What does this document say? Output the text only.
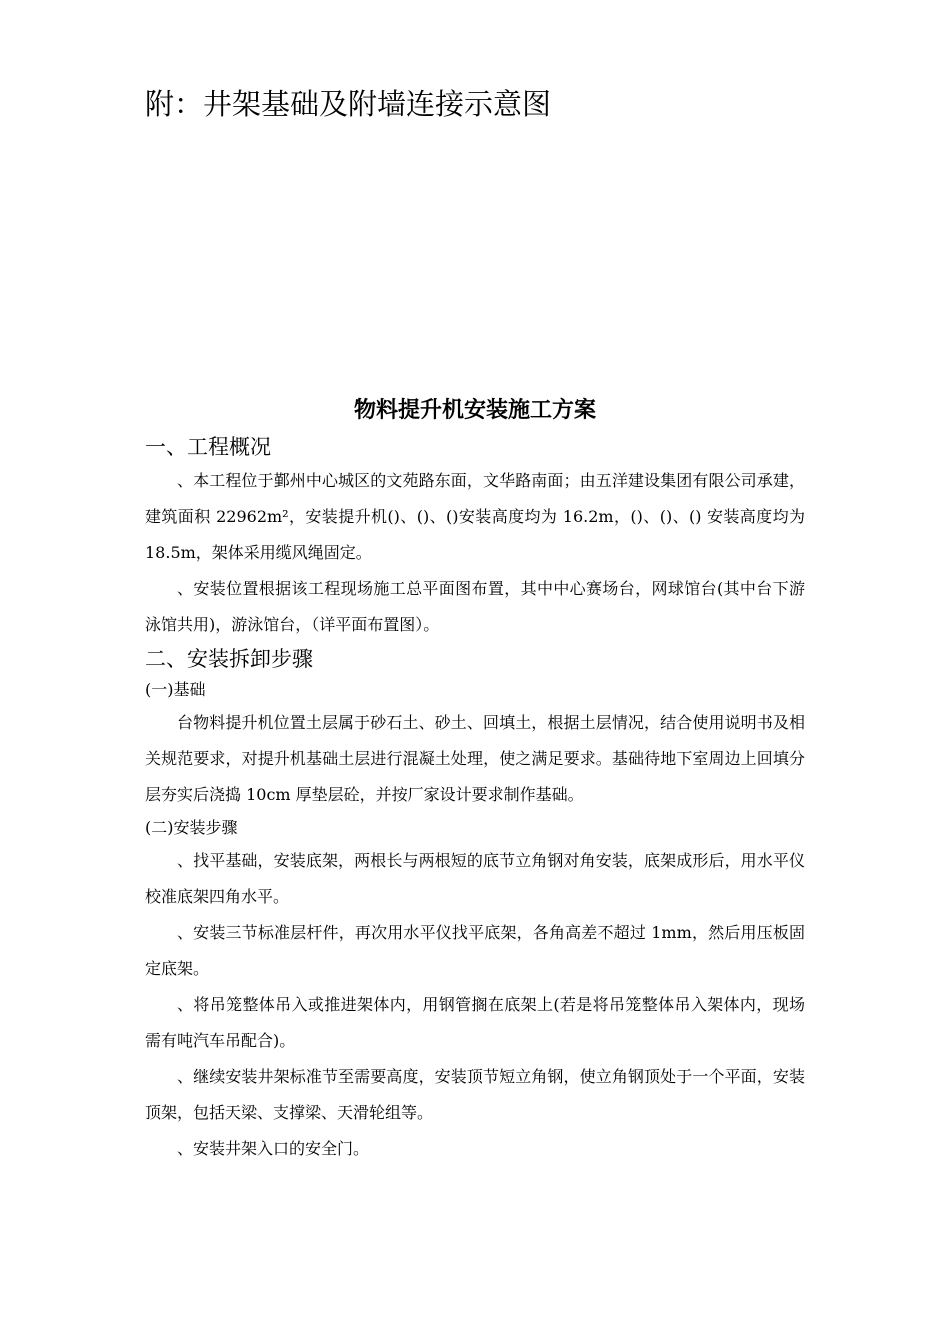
附：井架基础及附墙连接示意图
物料提升机安装施工方案
一、工程概况

、本工程位于鄞州中心城区的文苑路东面，文华路南面；由五洋建设集团有限公司承建，建筑面积 22962m²，安装提升机()、()、()安装高度均为 16.2m，()、()、() 安装高度均为 18.5m，架体采用缆风绳固定。

、安装位置根据该工程现场施工总平面图布置，其中中心赛场台，网球馆台(其中台下游泳馆共用)，游泳馆台，（详平面布置图）。

二、安装拆卸步骤
(一)基础

台物料提升机位置土层属于砂石土、砂土、回填土，根据土层情况，结合使用说明书及相关规范要求，对提升机基础土层进行混凝土处理，使之满足要求。基础待地下室周边上回填分层夯实后浇捣 10cm 厚垫层砼，并按厂家设计要求制作基础。

(二)安装步骤

、找平基础，安装底架，两根长与两根短的底节立角钢对角安装，底架成形后，用水平仪校准底架四角水平。

、安装三节标准层杆件，再次用水平仪找平底架，各角高差不超过 1mm，然后用压板固定底架。

、将吊笼整体吊入或推进架体内，用钢管搁在底架上(若是将吊笼整体吊入架体内，现场需有吨汽车吊配合)。

、继续安装井架标准节至需要高度，安装顶节短立角钢，使立角钢顶处于一个平面，安装顶架，包括天梁、支撑梁、天滑轮组等。

、安装井架入口的安全门。
